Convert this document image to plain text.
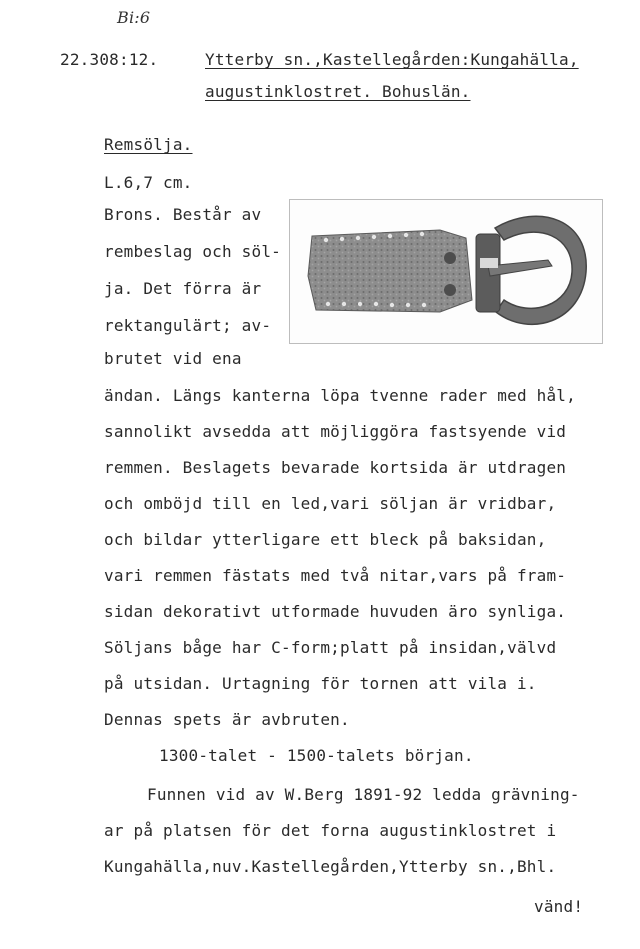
Bi:6
22.308:12.	Ytterby sn.,Kastellegården:Kungahälla,
augustinklostret. Bohuslän.
Remsölja.
L.6,7 cm.
Brons. Består av
rembeslag och söl-
ja. Det förra är
rektangulärt; av-
brutet vid ena
ändan. Längs kanterna löpa tvenne rader med hål,
sannolikt avsedda att möjliggöra fastsyende vid
remmen. Beslagets bevarade kortsida är utdragen
och omböjd till en led,vari söljan är vridbar,
och bildar ytterligare ett bleck på baksidan,
vari remmen fästats med två nitar,vars på fram-
sidan dekorativt utformade huvuden äro synliga.
Söljans båge har C-form;platt på insidan,välvd
på utsidan. Urtagning för tornen att vila i.
Dennas spets är avbruten.
1300-talet - 1500-talets början.
Funnen vid av W.Berg 1891-92 ledda grävning-
ar på platsen för det forna augustinklostret i
Kungahälla,nuv.Kastellegården,Ytterby sn.,Bhl.
vänd!
